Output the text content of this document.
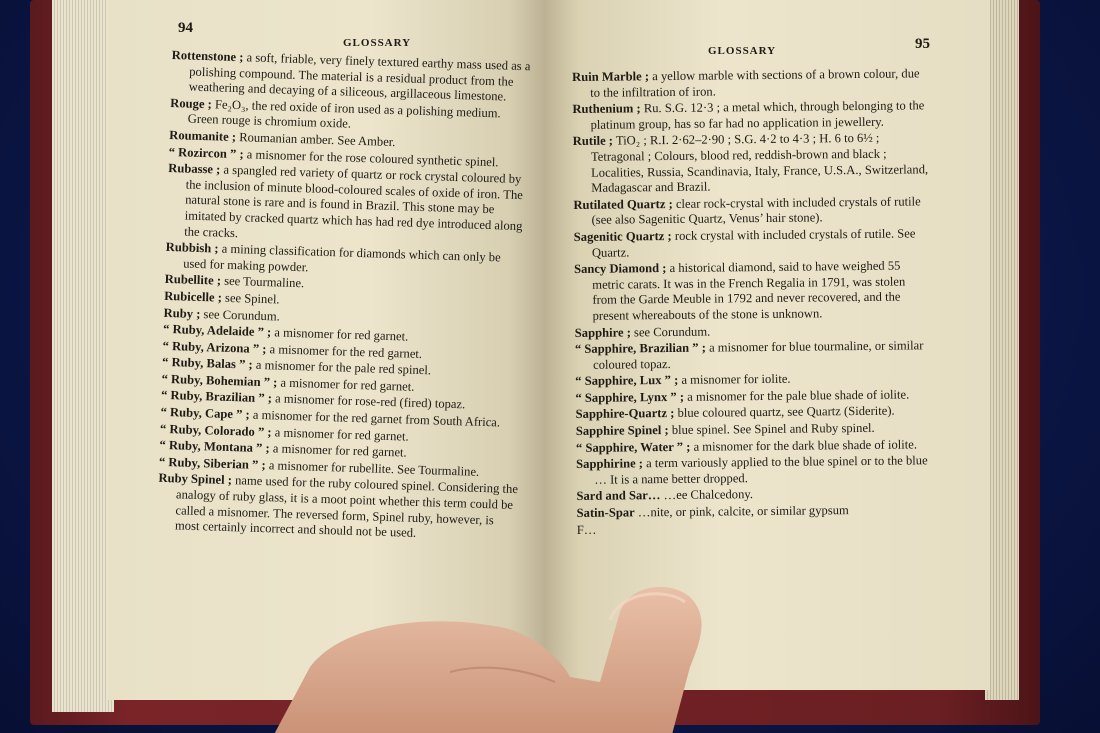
94
GLOSSARY
Rottenstone ; a soft, friable, very finely textured earthy mass used as a polishing compound. The material is a residual product from the weathering and decaying of a siliceous, argillaceous limestone.
Rouge ; Fe₂O₃, the red oxide of iron used as a polishing medium. Green rouge is chromium oxide.
Roumanite ; Roumanian amber. See Amber.
“ Rozircon ” ; a misnomer for the rose coloured synthetic spinel.
Rubasse ; a spangled red variety of quartz or rock crystal coloured by the inclusion of minute blood-coloured scales of oxide of iron. The natural stone is rare and is found in Brazil. This stone may be imitated by cracked quartz which has had red dye introduced along the cracks.
Rubbish ; a mining classification for diamonds which can only be used for making powder.
Rubellite ; see Tourmaline.
Rubicelle ; see Spinel.
Ruby ; see Corundum.
“ Ruby, Adelaide ” ; a misnomer for red garnet.
“ Ruby, Arizona ” ; a misnomer for the red garnet.
“ Ruby, Balas ” ; a misnomer for the pale red spinel.
“ Ruby, Bohemian ” ; a misnomer for red garnet.
“ Ruby, Brazilian ” ; a misnomer for rose-red (fired) topaz.
“ Ruby, Cape ” ; a misnomer for the red garnet from South Africa.
“ Ruby, Colorado ” ; a misnomer for red garnet.
“ Ruby, Montana ” ; a misnomer for red garnet.
“ Ruby, Siberian ” ; a misnomer for rubellite. See Tourmaline.
Ruby Spinel ; name used for the ruby coloured spinel. Considering the analogy of ruby glass, it is a moot point whether this term could be called a misnomer. The reversed form, Spinel ruby, however, is most certainly incorrect and should not be used.
95
GLOSSARY
Ruin Marble ; a yellow marble with sections of a brown colour, due to the infiltration of iron.
Ruthenium ; Ru. S.G. 12·3 ; a metal which, through belonging to the platinum group, has so far had no application in jewellery.
Rutile ; TiO₂ ; R.I. 2·62–2·90 ; S.G. 4·2 to 4·3 ; H. 6 to 6½ ; Tetragonal ; Colours, blood red, reddish-brown and black ; Localities, Russia, Scandinavia, Italy, France, U.S.A., Switzerland, Madagascar and Brazil.
Rutilated Quartz ; clear rock-crystal with included crystals of rutile (see also Sagenitic Quartz, Venus’ hair stone).
Sagenitic Quartz ; rock crystal with included crystals of rutile. See Quartz.
Sancy Diamond ; a historical diamond, said to have weighed 55 metric carats. It was in the French Regalia in 1791, was stolen from the Garde Meuble in 1792 and never recovered, and the present whereabouts of the stone is unknown.
Sapphire ; see Corundum.
“ Sapphire, Brazilian ” ; a misnomer for blue tourmaline, or similar coloured topaz.
“ Sapphire, Lux ” ; a misnomer for iolite.
“ Sapphire, Lynx ” ; a misnomer for the pale blue shade of iolite.
Sapphire-Quartz ; blue coloured quartz, see Quartz (Siderite).
Sapphire Spinel ; blue spinel. See Spinel and Ruby spinel.
“ Sapphire, Water ” ; a misnomer for the dark blue shade of iolite.
Sapphirine ; a term variously applied to the blue spinel or to the blue … It is a name better dropped.
Sard and Sar… …ee Chalcedony.
Satin-Spar …nite, or pink, calcite, or similar gypsum
F…
